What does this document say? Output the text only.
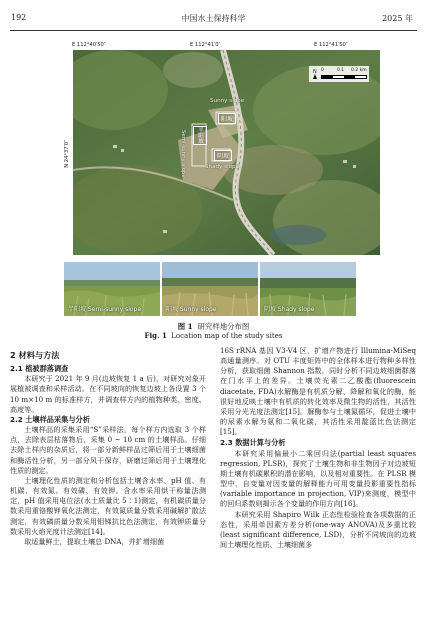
192	中国水土保持科学	2025 年
E 112°40′50″	E 112°41′0″	E 112°41′50″
N 24°37′0″
N 0	0.1 0.2 km
Sunny slope
阳坡
半阳坡
Semi-sunny slope	阴坡
Shady slope
半阳坡 Semi-sunny slope	阳坡 Sunny slope	阴坡 Shady slope
图 1 研究样地分布图
Fig. 1 Location map of the study sites
2 材料与方法
2.1 植被群落调查

本研究于 2021 年 9 月(边坡恢复 1 a 后)，对研究对象开展植被调查和采样活动。在不同坡向的恢复边坡上各设置 3 个 10 m×10 m 的标准样方，并调查样方内的植物种类、密度、高度等。

2.2 土壤样品采集与分析

土壤样品的采集采用“S”采样法，每个样方内选取 3 个样点，去除表层枯落物后，采集 0 ~ 10 cm 的土壤样品。仔细去除土样内的杂质后，将一部分新鲜样品过筛后用于土壤细菌和酶活性分析，另一部分风干保存，研磨过筛后用于土壤理化性质的测定。

土壤理化性质的测定和分析包括土壤含水率、pH 值、有机碳、有效氮、有效磷、有效钾。含水率采用烘干称量法测定，pH 值采用电位法(水土质量比 5∶1)测定，有机碳质量分数采用重铬酸钾氧化法测定，有效氮质量分数采用碱解扩散法测定，有效磷质量分数采用钼锑抗比色法测定，有效钾质量分数采用火焰光度计法测定[14]。

取适量鲜土，提取土壤总 DNA，并扩增细菌

16S rRNA 基因 V3-V4 区，扩增产物进行 Illumina-MiSeq 高通量测序。对 OTU 丰度矩阵中的全体样本进行物种多样性分析，获取细菌 Shannon 指数，同时分析不同边坡细菌群落在门水平上的差异。土壤荧光素二乙酸酯(fluorescein diacetate, FDA)水解酶是有机质分解、降解和氧化的酶，能很好地反映土壤中有机质的转化效率及微生物的活性，其活性采用分光光度法测定[15]。脲酶参与土壤氮循环，促进土壤中的尿素水解为氨和二氧化碳，其活性采用靛蓝比色法测定[15]。

2.3 数据计算与分析

本研究采用偏最小二乘回归法(partial least squares regression, PLSR)，探究了土壤生物和非生物因子对边坡短期土壤有机碳累积的潜在影响，以及相对重要性。在 PLSR 模型中，自变量对因变量的解释能力可用变量投影重要性指标(variable importance in projection, VIP)来测度，模型中的回归系数则揭示各个变量的作用方向[16]。

本研究采用 Shapiro Wilk 正态性检验检查各项数据的正态性，采用单因素方差分析(one-way ANOVA)及多重比较(least significant difference, LSD)，分析不同坡向的边坡间土壤理化性质、土壤细菌多
